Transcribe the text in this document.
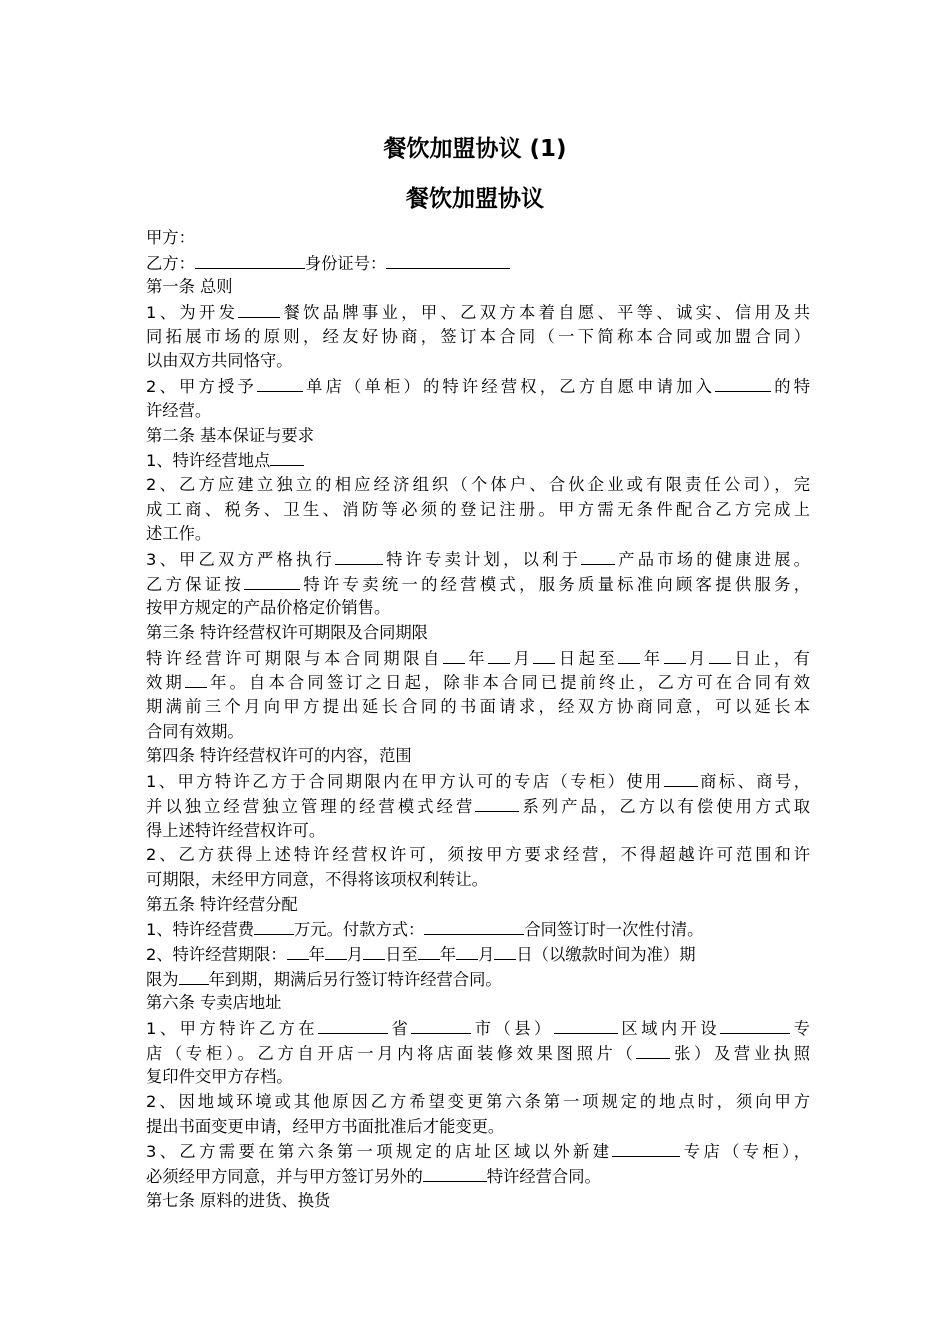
餐饮加盟协议 (1)
餐饮加盟协议
甲方：
乙方：	身份证号：
第一条 总则
1、为开发	餐饮品牌事业，甲、乙双方本着自愿、平等、诚实、信用及共
同拓展市场的原则，经友好协商，签订本合同（一下简称本合同或加盟合同）
以由双方共同恪守。
2、甲方授予	单店（单柜）的特许经营权，乙方自愿申请加入	的特
许经营。
第二条 基本保证与要求
1、特许经营地点
2、乙方应建立独立的相应经济组织（个体户、合伙企业或有限责任公司），完
成工商、税务、卫生、消防等必须的登记注册。甲方需无条件配合乙方完成上
述工作。
3、甲乙双方严格执行	特许专卖计划，以利于 产品市场的健康进展。
乙方保证按	特许专卖统一的经营模式，服务质量标准向顾客提供服务，
按甲方规定的产品价格定价销售。
第三条 特许经营权许可期限及合同期限
特许经营许可期限与本合同期限自 年 月 日起至 年 月 日止，有
效期 年。自本合同签订之日起，除非本合同已提前终止，乙方可在合同有效
期满前三个月向甲方提出延长合同的书面请求，经双方协商同意，可以延长本
合同有效期。
第四条 特许经营权许可的内容，范围
1、甲方特许乙方于合同期限内在甲方认可的专店（专柜）使用 商标、商号，
并以独立经营独立管理的经营模式经营	系列产品，乙方以有偿使用方式取
得上述特许经营权许可。
2、乙方获得上述特许经营权许可，须按甲方要求经营，不得超越许可范围和许
可期限，未经甲方同意，不得将该项权利转让。
第五条 特许经营分配
1、特许经营费 万元。付款方式：	合同签订时一次性付清。
2、特许经营期限： 年 月 日至 年 月 日（以缴款时间为准）期
限为 年到期，期满后另行签订特许经营合同。
第六条 专卖店地址
1、甲方特许乙方在	省	市（县）	区域内开设	专
店（专柜）。乙方自开店一月内将店面装修效果图照片（ 张）及营业执照
复印件交甲方存档。
2、因地域环境或其他原因乙方希望变更第六条第一项规定的地点时，须向甲方
提出书面变更申请，经甲方书面批准后才能变更。
3、乙方需要在第六条第一项规定的店址区域以外新建	专店（专柜），
必须经甲方同意，并与甲方签订另外的	特许经营合同。
第七条 原料的进货、换货
